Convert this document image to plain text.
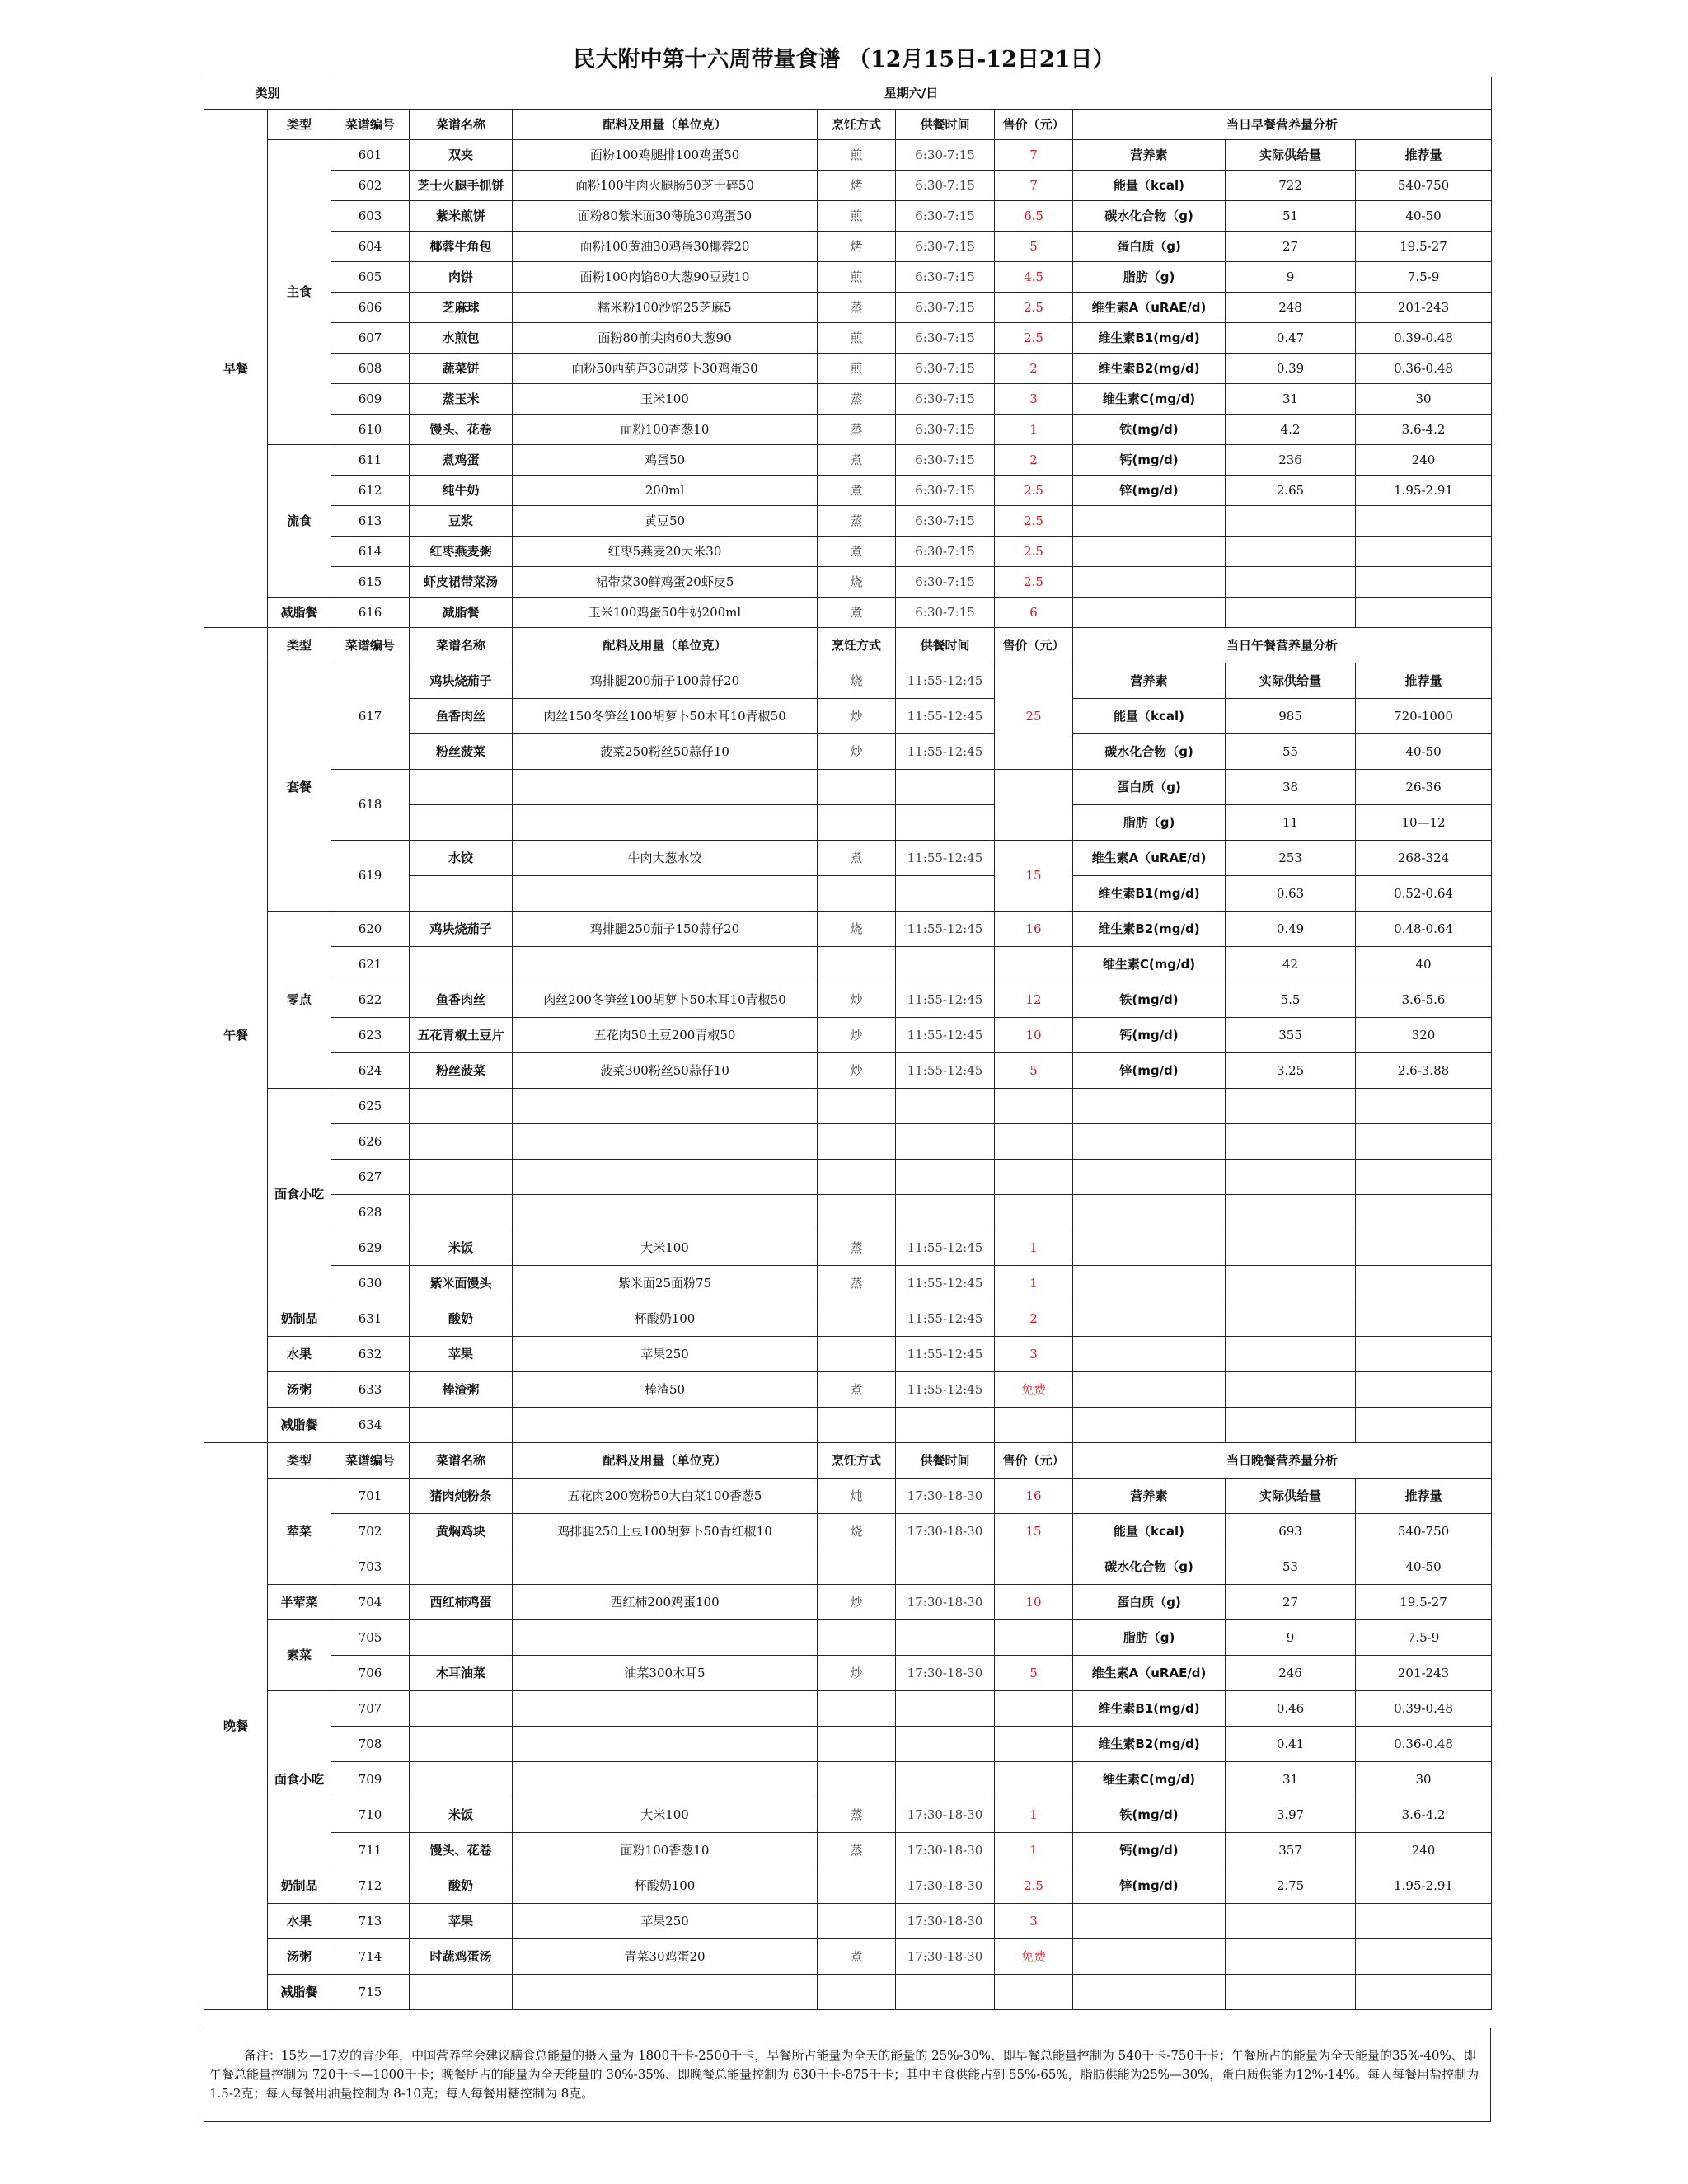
民大附中第十六周带量食谱 （12月15日-12日21日）
类别		星期六/日								
早餐	类型	菜谱编号	菜谱名称	配料及用量（单位克）	烹饪方式	供餐时间	售价（元）	当日早餐营养量分析		
	主食	601	双夹	面粉100鸡腿排100鸡蛋50	煎	6:30-7:15	7	营养素	实际供给量	推荐量
		602	芝士火腿手抓饼	面粉100牛肉火腿肠50芝士碎50	烤	6:30-7:15	7	能量（kcal)	722	540-750
		603	紫米煎饼	面粉80紫米面30薄脆30鸡蛋50	煎	6:30-7:15	6.5	碳水化合物（g)	51	40-50
		604	椰蓉牛角包	面粉100黄油30鸡蛋30椰蓉20	烤	6:30-7:15	5	蛋白质（g)	27	19.5-27
		605	肉饼	面粉100肉馅80大葱90豆豉10	煎	6:30-7:15	4.5	脂肪（g)	9	7.5-9
		606	芝麻球	糯米粉100沙馅25芝麻5	蒸	6:30-7:15	2.5	维生素A（uRAE/d)	248	201-243
		607	水煎包	面粉80前尖肉60大葱90	煎	6:30-7:15	2.5	维生素B1(mg/d)	0.47	0.39-0.48
		608	蔬菜饼	面粉50西葫芦30胡萝卜30鸡蛋30	煎	6:30-7:15	2	维生素B2(mg/d)	0.39	0.36-0.48
		609	蒸玉米	玉米100	蒸	6:30-7:15	3	维生素C(mg/d)	31	30
		610	馒头、花卷	面粉100香葱10	蒸	6:30-7:15	1	铁(mg/d)	4.2	3.6-4.2
	流食	611	煮鸡蛋	鸡蛋50	煮	6:30-7:15	2	钙(mg/d)	236	240
		612	纯牛奶	200ml	煮	6:30-7:15	2.5	锌(mg/d)	2.65	1.95-2.91
		613	豆浆	黄豆50	蒸	6:30-7:15	2.5			
		614	红枣燕麦粥	红枣5燕麦20大米30	煮	6:30-7:15	2.5			
		615	虾皮裙带菜汤	裙带菜30鲜鸡蛋20虾皮5	烧	6:30-7:15	2.5			
	减脂餐	616	减脂餐	玉米100鸡蛋50牛奶200ml	煮	6:30-7:15	6			
午餐	类型	菜谱编号	菜谱名称	配料及用量（单位克）	烹饪方式	供餐时间	售价（元）	当日午餐营养量分析		
	套餐	617	鸡块烧茄子	鸡排腿200茄子100蒜仔20	烧	11:55-12:45	25	营养素	实际供给量	推荐量
			鱼香肉丝	肉丝150冬笋丝100胡萝卜50木耳10青椒50	炒	11:55-12:45		能量（kcal)	985	720-1000
			粉丝菠菜	菠菜250粉丝50蒜仔10	炒	11:55-12:45		碳水化合物（g)	55	40-50
		618						蛋白质（g)	38	26-36
								脂肪（g)	11	10—12
		619	水饺	牛肉大葱水饺	煮	11:55-12:45	15	维生素A（uRAE/d)	253	268-324
								维生素B1(mg/d)	0.63	0.52-0.64
	零点	620	鸡块烧茄子	鸡排腿250茄子150蒜仔20	烧	11:55-12:45	16	维生素B2(mg/d)	0.49	0.48-0.64
		621						维生素C(mg/d)	42	40
		622	鱼香肉丝	肉丝200冬笋丝100胡萝卜50木耳10青椒50	炒	11:55-12:45	12	铁(mg/d)	5.5	3.6-5.6
		623	五花青椒土豆片	五花肉50土豆200青椒50	炒	11:55-12:45	10	钙(mg/d)	355	320
		624	粉丝菠菜	菠菜300粉丝50蒜仔10	炒	11:55-12:45	5	锌(mg/d)	3.25	2.6-3.88
	面食小吃	625								
		626								
		627								
		628								
		629	米饭	大米100	蒸	11:55-12:45	1			
		630	紫米面馒头	紫米面25面粉75	蒸	11:55-12:45	1			
	奶制品	631	酸奶	杯酸奶100		11:55-12:45	2			
	水果	632	苹果	苹果250		11:55-12:45	3			
	汤粥	633	棒渣粥	棒渣50	煮	11:55-12:45	免费			
	减脂餐	634								
晚餐	类型	菜谱编号	菜谱名称	配料及用量（单位克）	烹饪方式	供餐时间	售价（元）	当日晚餐营养量分析		
	荤菜	701	猪肉炖粉条	五花肉200宽粉50大白菜100香葱5	炖	17:30-18-30	16	营养素	实际供给量	推荐量
		702	黄焖鸡块	鸡排腿250土豆100胡萝卜50青红椒10	烧	17:30-18-30	15	能量（kcal)	693	540-750
		703						碳水化合物（g)	53	40-50
	半荤菜	704	西红柿鸡蛋	西红柿200鸡蛋100	炒	17:30-18-30	10	蛋白质（g)	27	19.5-27
	素菜	705						脂肪（g)	9	7.5-9
		706	木耳油菜	油菜300木耳5	炒	17:30-18-30	5	维生素A（uRAE/d)	246	201-243
	面食小吃	707						维生素B1(mg/d)	0.46	0.39-0.48
		708						维生素B2(mg/d)	0.41	0.36-0.48
		709						维生素C(mg/d)	31	30
		710	米饭	大米100	蒸	17:30-18-30	1	铁(mg/d)	3.97	3.6-4.2
		711	馒头、花卷	面粉100香葱10	蒸	17:30-18-30	1	钙(mg/d)	357	240
	奶制品	712	酸奶	杯酸奶100		17:30-18-30	2.5	锌(mg/d)	2.75	1.95-2.91
	水果	713	苹果	苹果250		17:30-18-30	3			
	汤粥	714	时蔬鸡蛋汤	青菜30鸡蛋20	煮	17:30-18-30	免费			
	减脂餐	715								
备注：15岁—17岁的青少年，中国营养学会建议膳食总能量的摄入量为 1800千卡-2500千卡，早餐所占能量为全天的能量的 25%-30%、即早餐总能量控制为 540千卡-750千卡；午餐所占的能量为全天能量的35%-40%、即午餐总能量控制为 720千卡—1000千卡；晚餐所占的能量为全天能量的 30%-35%、即晚餐总能量控制为 630千卡-875千卡；其中主食供能占到 55%-65%，脂肪供能为25%—30%，蛋白质供能为12%-14%。每人每餐用盐控制为 1.5-2克；每人每餐用油量控制为 8-10克；每人每餐用糖控制为 8克。
